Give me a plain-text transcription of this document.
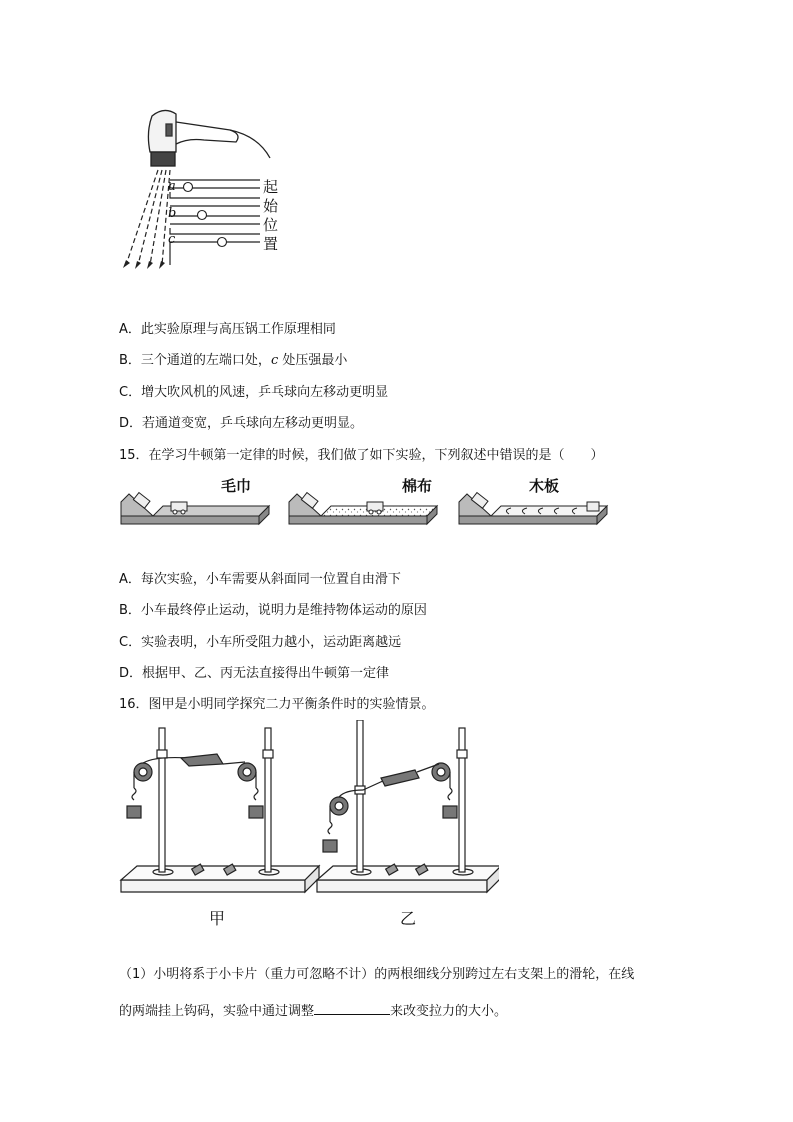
a
b
c
起
始
位
置
A．此实验原理与高压锅工作原理相同
B．三个通道的左端口处，c 处压强最小
C．增大吹风机的风速，乒乓球向左移动更明显
D．若通道变宽，乒乓球向左移动更明显。
15．在学习牛顿第一定律的时候，我们做了如下实验，下列叙述中错误的是（　　）
毛巾	棉布	木板
A．每次实验，小车需要从斜面同一位置自由滑下
B．小车最终停止运动，说明力是维持物体运动的原因
C．实验表明，小车所受阻力越小，运动距离越远
D．根据甲、乙、丙无法直接得出牛顿第一定律
16．图甲是小明同学探究二力平衡条件时的实验情景。
甲	乙
（1）小明将系于小卡片（重力可忽略不计）的两根细线分别跨过左右支架上的滑轮，在线
的两端挂上钩码，实验中通过调整	来改变拉力的大小。
